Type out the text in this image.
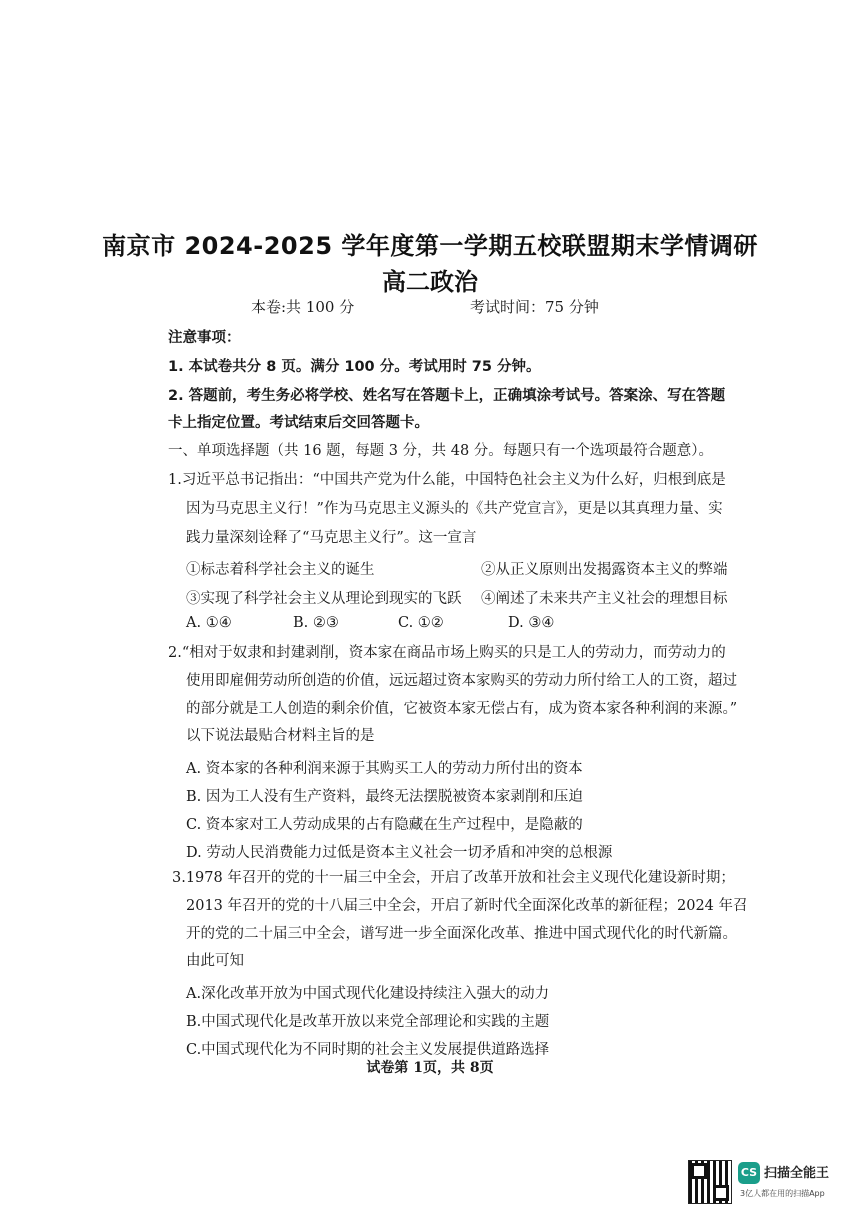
南京市 2024-2025 学年度第一学期五校联盟期末学情调研
高二政治
本卷:共 100 分	考试时间：75 分钟
注意事项：
1. 本试卷共分 8 页。满分 100 分。考试用时 75 分钟。
2. 答题前，考生务必将学校、姓名写在答题卡上，正确填涂考试号。答案涂、写在答题
卡上指定位置。考试结束后交回答题卡。
一、单项选择题（共 16 题，每题 3 分，共 48 分。每题只有一个选项最符合题意）。
1.习近平总书记指出：“中国共产党为什么能，中国特色社会主义为什么好，归根到底是
因为马克思主义行！”作为马克思主义源头的《共产党宣言》，更是以其真理力量、实
践力量深刻诠释了“马克思主义行”。这一宣言
①标志着科学社会主义的诞生	②从正义原则出发揭露资本主义的弊端
③实现了科学社会主义从理论到现实的飞跃 ④阐述了未来共产主义社会的理想目标
A. ①④	B. ②③	C. ①②	D. ③④
2.“相对于奴隶和封建剥削，资本家在商品市场上购买的只是工人的劳动力，而劳动力的
使用即雇佣劳动所创造的价值，远远超过资本家购买的劳动力所付给工人的工资，超过
的部分就是工人创造的剩余价值，它被资本家无偿占有，成为资本家各种利润的来源。”
以下说法最贴合材料主旨的是
A. 资本家的各种利润来源于其购买工人的劳动力所付出的资本
B. 因为工人没有生产资料，最终无法摆脱被资本家剥削和压迫
C. 资本家对工人劳动成果的占有隐藏在生产过程中，是隐蔽的
D. 劳动人民消费能力过低是资本主义社会一切矛盾和冲突的总根源
3.1978 年召开的党的十一届三中全会，开启了改革开放和社会主义现代化建设新时期；
2013 年召开的党的十八届三中全会，开启了新时代全面深化改革的新征程；2024 年召
开的党的二十届三中全会，谱写进一步全面深化改革、推进中国式现代化的时代新篇。
由此可知
A.深化改革开放为中国式现代化建设持续注入强大的动力
B.中国式现代化是改革开放以来党全部理论和实践的主题
C.中国式现代化为不同时期的社会主义发展提供道路选择
试卷第 1页，共 8页
CS 扫描全能王
3亿人都在用的扫描App
